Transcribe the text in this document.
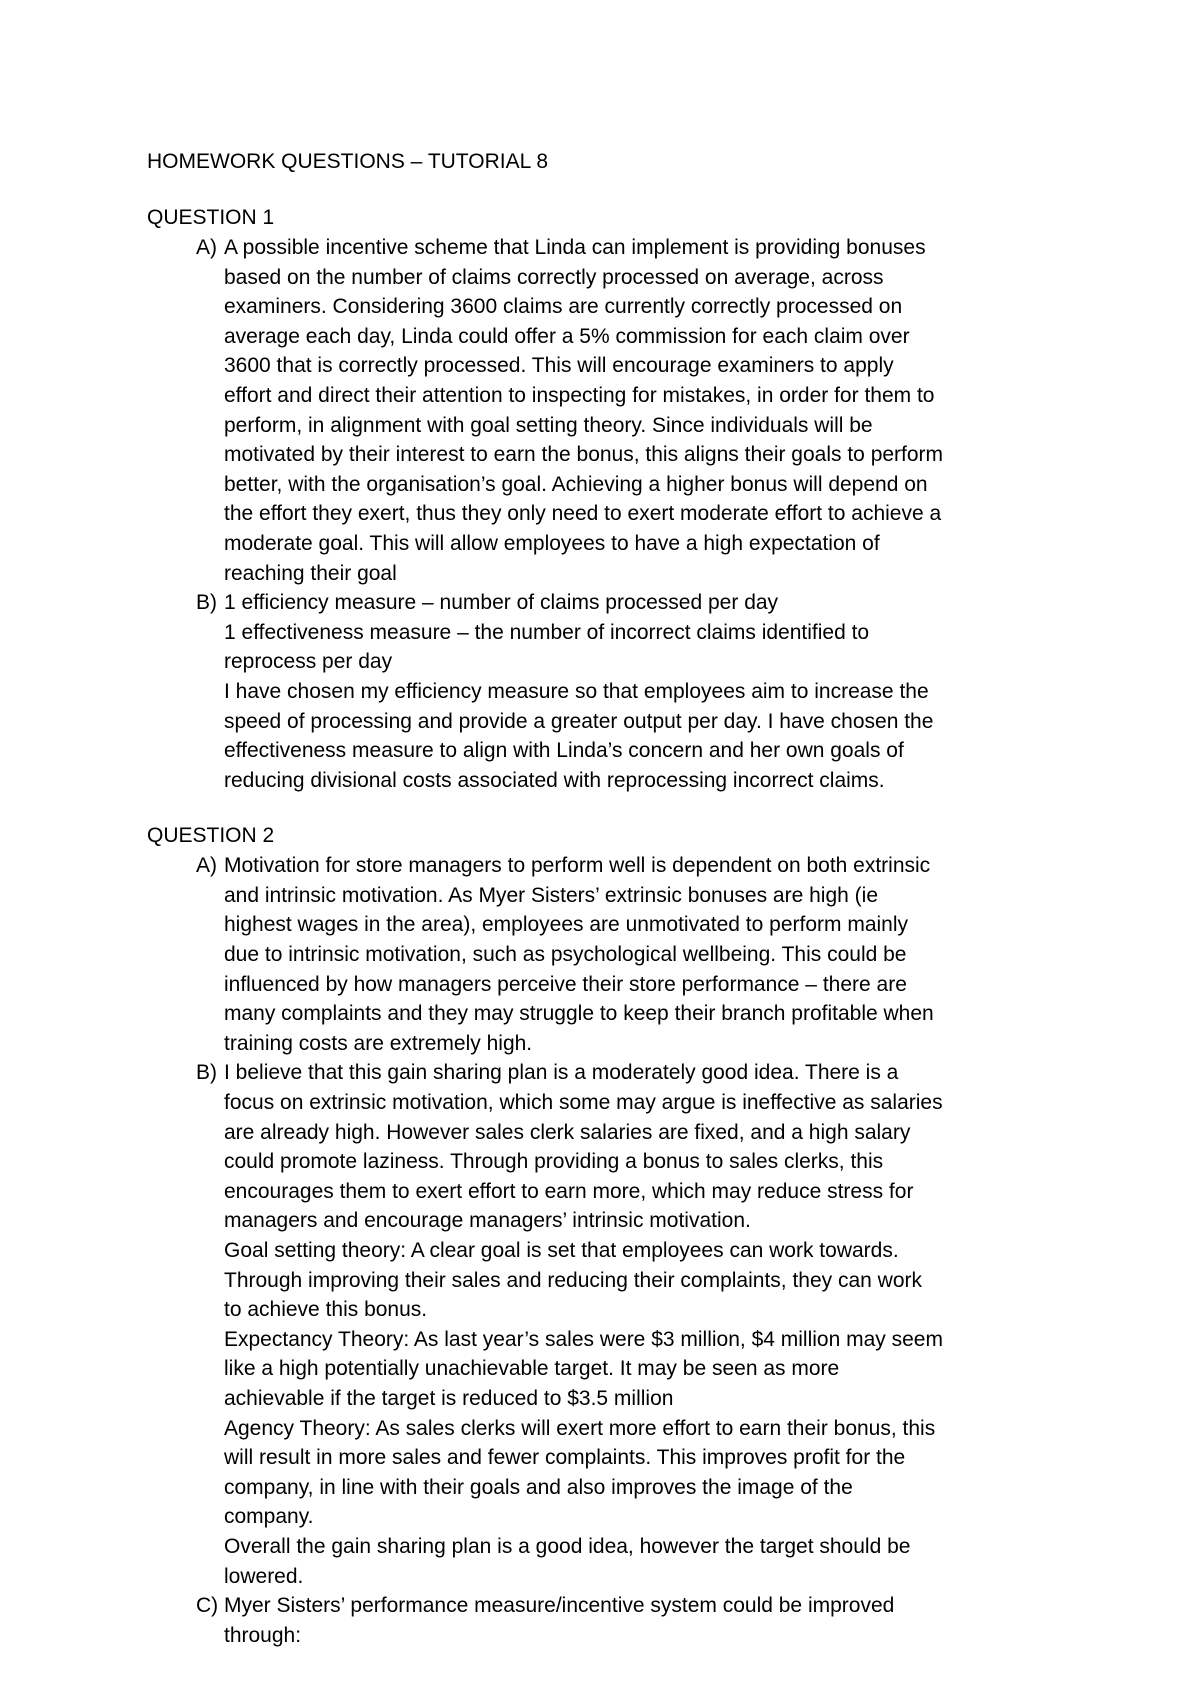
HOMEWORK QUESTIONS – TUTORIAL 8

QUESTION 1

A) A possible incentive scheme that Linda can implement is providing bonuses based on the number of claims correctly processed on average, across examiners. Considering 3600 claims are currently correctly processed on average each day, Linda could offer a 5% commission for each claim over 3600 that is correctly processed. This will encourage examiners to apply effort and direct their attention to inspecting for mistakes, in order for them to perform, in alignment with goal setting theory. Since individuals will be motivated by their interest to earn the bonus, this aligns their goals to perform better, with the organisation’s goal. Achieving a higher bonus will depend on the effort they exert, thus they only need to exert moderate effort to achieve a moderate goal. This will allow employees to have a high expectation of reaching their goal

B) 1 efficiency measure – number of claims processed per day

1 effectiveness measure – the number of incorrect claims identified to reprocess per day

I have chosen my efficiency measure so that employees aim to increase the speed of processing and provide a greater output per day. I have chosen the effectiveness measure to align with Linda’s concern and her own goals of reducing divisional costs associated with reprocessing incorrect claims.

QUESTION 2

A) Motivation for store managers to perform well is dependent on both extrinsic and intrinsic motivation. As Myer Sisters’ extrinsic bonuses are high (ie highest wages in the area), employees are unmotivated to perform mainly due to intrinsic motivation, such as psychological wellbeing. This could be influenced by how managers perceive their store performance – there are many complaints and they may struggle to keep their branch profitable when training costs are extremely high.

B) I believe that this gain sharing plan is a moderately good idea. There is a focus on extrinsic motivation, which some may argue is ineffective as salaries are already high. However sales clerk salaries are fixed, and a high salary could promote laziness. Through providing a bonus to sales clerks, this encourages them to exert effort to earn more, which may reduce stress for managers and encourage managers’ intrinsic motivation.

Goal setting theory: A clear goal is set that employees can work towards. Through improving their sales and reducing their complaints, they can work to achieve this bonus.

Expectancy Theory: As last year’s sales were $3 million, $4 million may seem like a high potentially unachievable target. It may be seen as more achievable if the target is reduced to $3.5 million

Agency Theory: As sales clerks will exert more effort to earn their bonus, this will result in more sales and fewer complaints. This improves profit for the company, in line with their goals and also improves the image of the company.

Overall the gain sharing plan is a good idea, however the target should be lowered.

C) Myer Sisters’ performance measure/incentive system could be improved through:
